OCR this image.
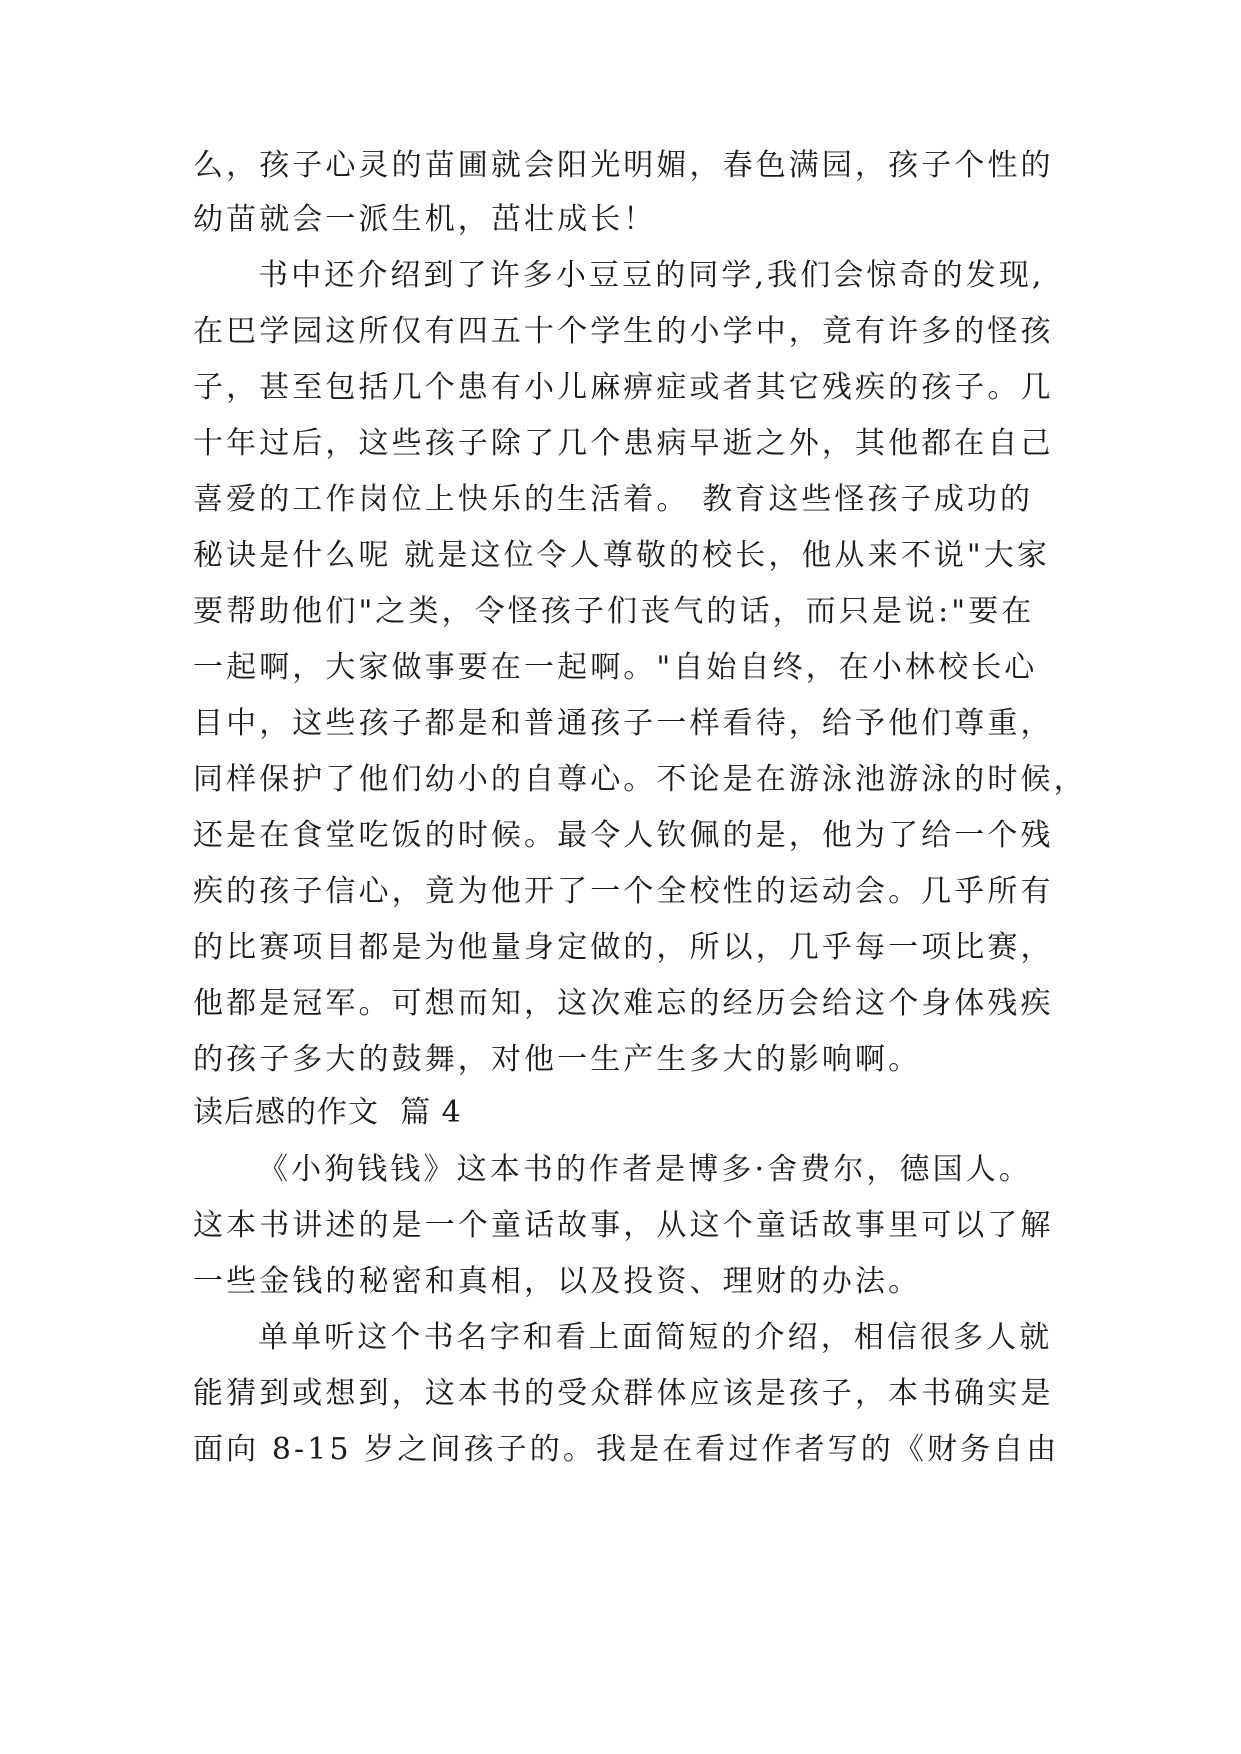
么，孩子心灵的苗圃就会阳光明媚，春色满园，孩子个性的
幼苗就会一派生机，茁壮成长！
书中还介绍到了许多小豆豆的同学,我们会惊奇的发现,
在巴学园这所仅有四五十个学生的小学中，竟有许多的怪孩
子，甚至包括几个患有小儿麻痹症或者其它残疾的孩子。几
十年过后，这些孩子除了几个患病早逝之外，其他都在自己
喜爱的工作岗位上快乐的生活着。 教育这些怪孩子成功的
秘诀是什么呢 就是这位令人尊敬的校长，他从来不说"大家
要帮助他们"之类，令怪孩子们丧气的话，而只是说:"要在
一起啊，大家做事要在一起啊。"自始自终，在小林校长心
目中，这些孩子都是和普通孩子一样看待，给予他们尊重，
同样保护了他们幼小的自尊心。不论是在游泳池游泳的时候，
还是在食堂吃饭的时候。最令人钦佩的是，他为了给一个残
疾的孩子信心，竟为他开了一个全校性的运动会。几乎所有
的比赛项目都是为他量身定做的，所以，几乎每一项比赛，
他都是冠军。可想而知，这次难忘的经历会给这个身体残疾
的孩子多大的鼓舞，对他一生产生多大的影响啊。
读后感的作文  篇 4
《小狗钱钱》这本书的作者是博多·舍费尔，德国人。
这本书讲述的是一个童话故事，从这个童话故事里可以了解
一些金钱的秘密和真相，以及投资、理财的办法。
单单听这个书名字和看上面简短的介绍，相信很多人就
能猜到或想到，这本书的受众群体应该是孩子，本书确实是
面向 8-15 岁之间孩子的。我是在看过作者写的《财务自由
